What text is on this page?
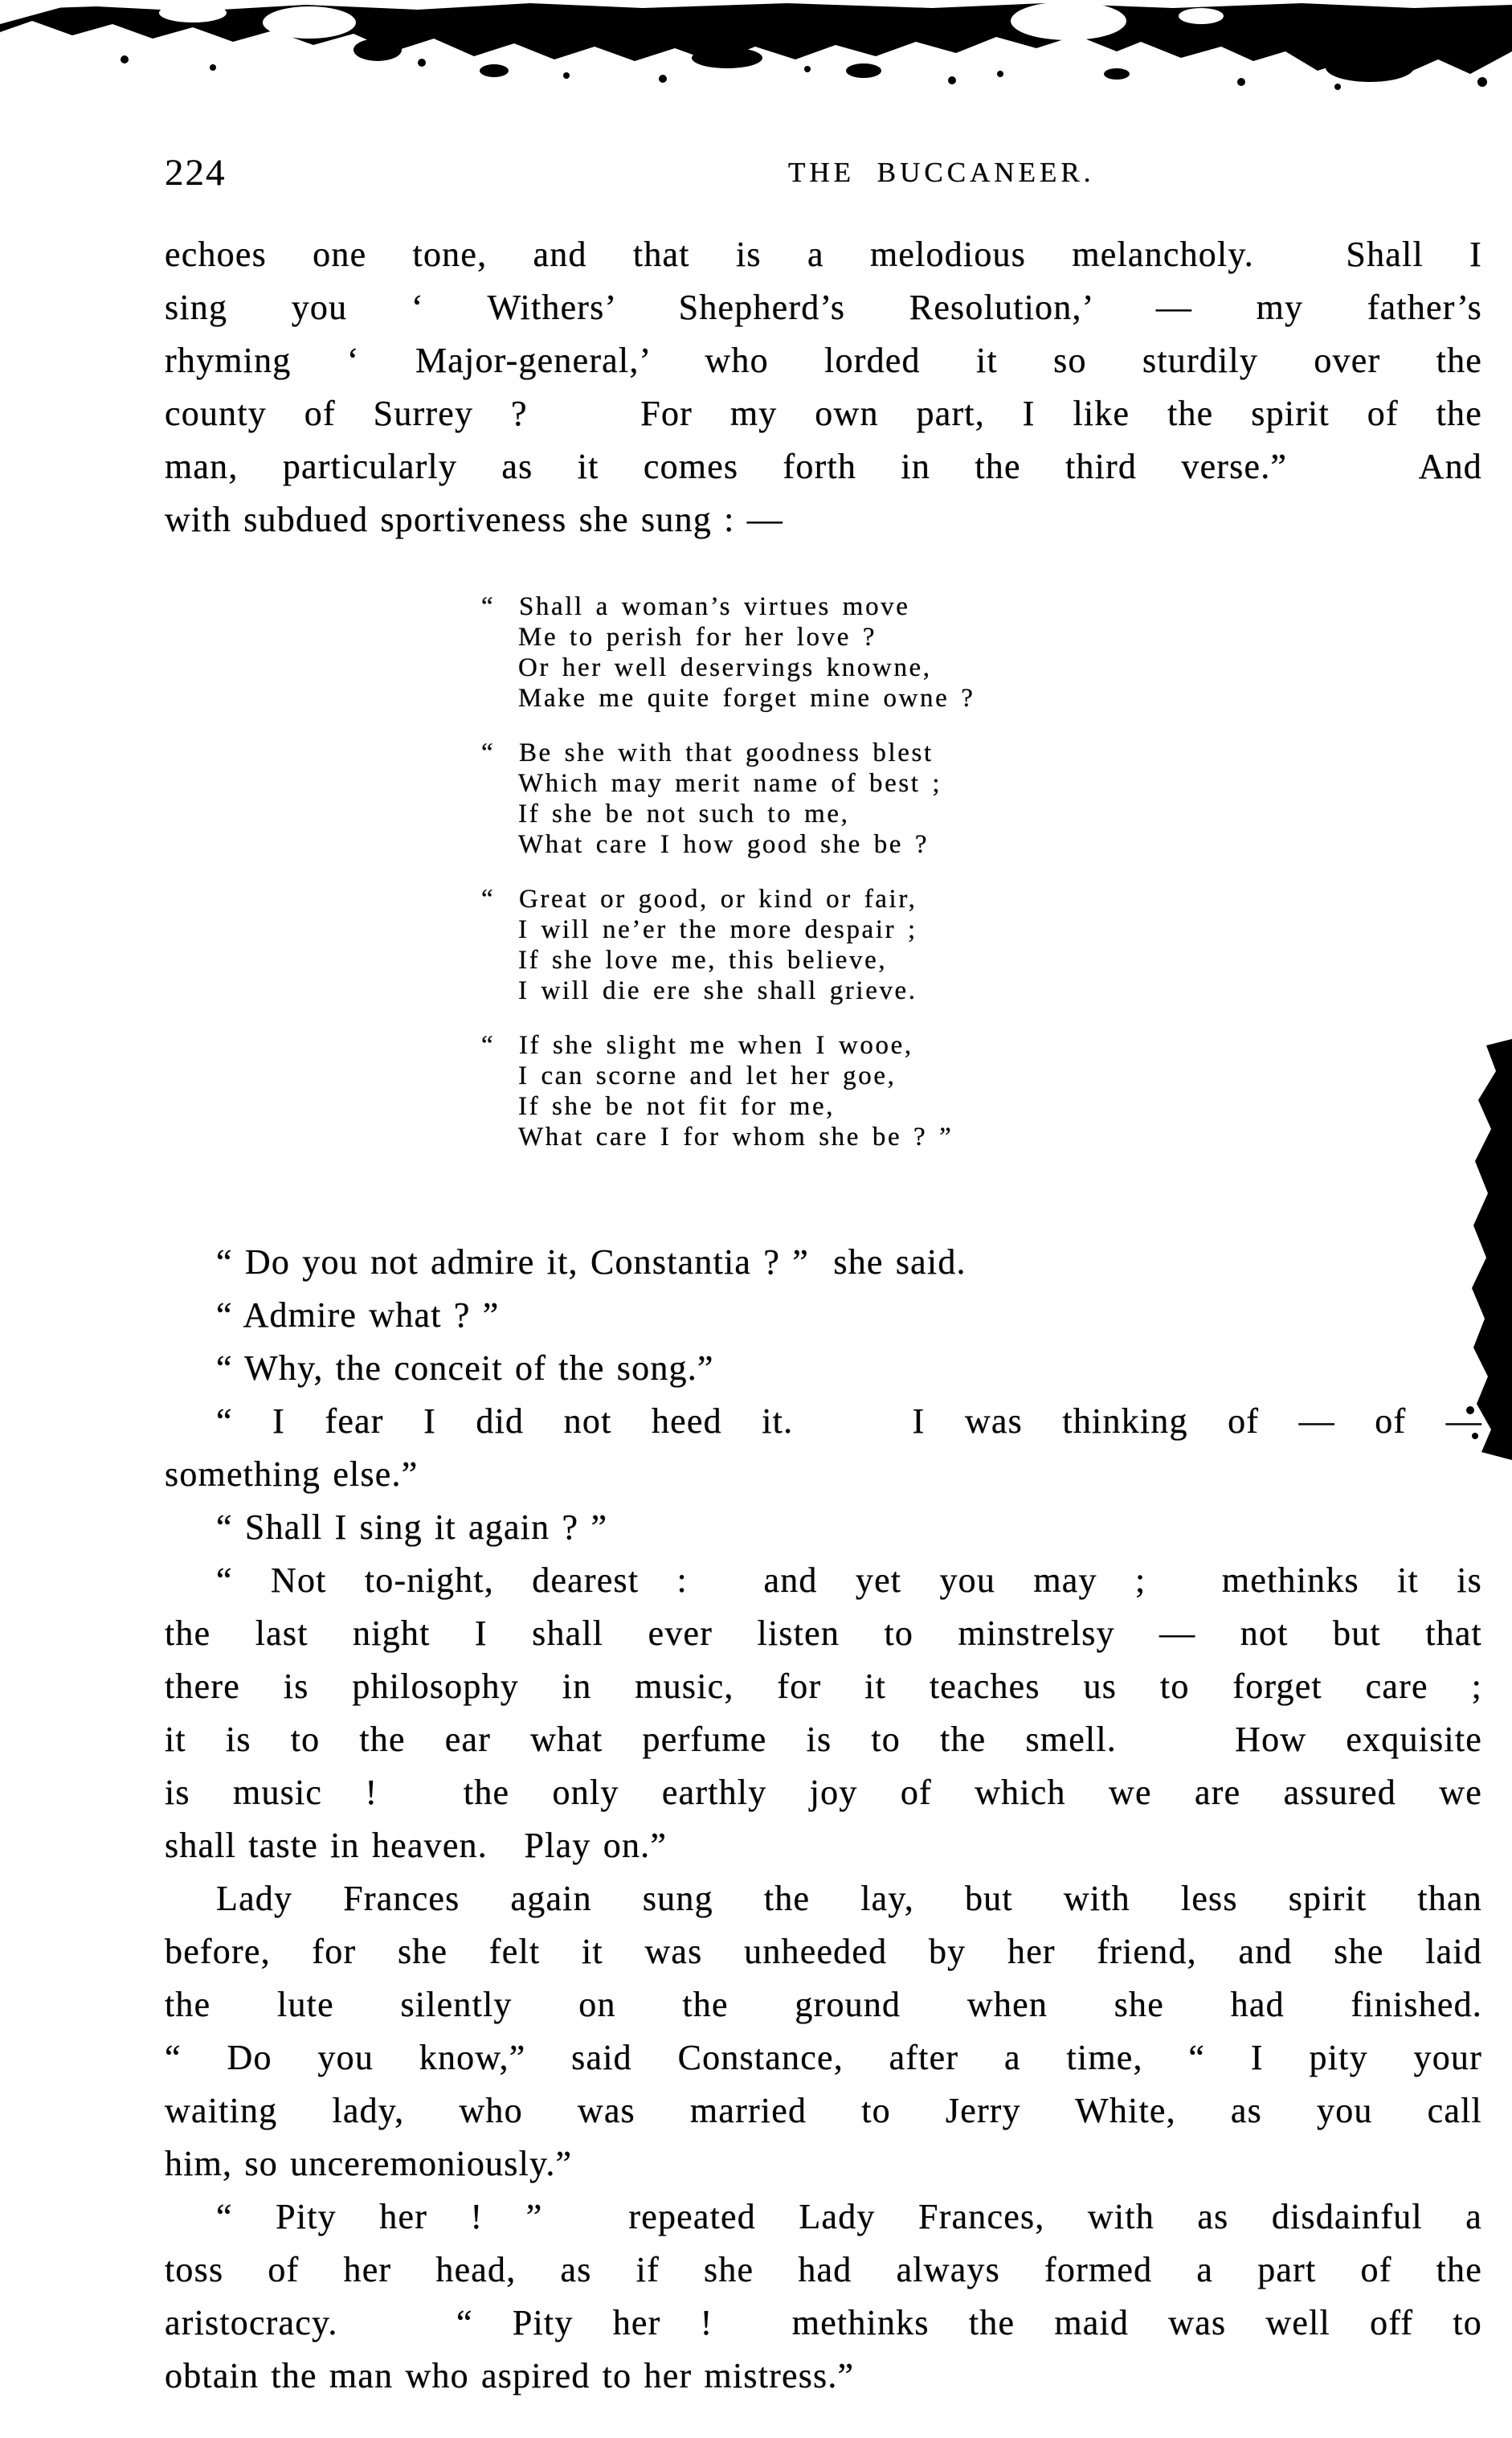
224	THE BUCCANEER.

echoes one tone, and that is a melodious melancholy.  Shall I
sing you ‘ Withers’ Shepherd’s Resolution,’ — my father’s
rhyming ‘ Major-general,’ who lorded it so sturdily over the
county of Surrey ?   For my own part, I like the spirit of the
man, particularly as it comes forth in the third verse.”   And
with subdued sportiveness she sung : —

“  Shall a woman’s virtues move
Me to perish for her love ?
Or her well deservings knowne,
Make me quite forget mine owne ?

“  Be she with that goodness blest
Which may merit name of best ;
If she be not such to me,
What care I how good she be ?

“  Great or good, or kind or fair,
I will ne’er the more despair ;
If she love me, this believe,
I will die ere she shall grieve.

“  If she slight me when I wooe,
I can scorne and let her goe,
If she be not fit for me,
What care I for whom she be ? ”

“ Do you not admire it, Constantia ? ”  she said.

“ Admire what ? ”

“ Why, the conceit of the song.”

“ I fear I did not heed it.   I was thinking of — of —
something else.”

“ Shall I sing it again ? ”

“ Not to-night, dearest :  and yet you may ;  methinks it is
the last night I shall ever listen to minstrelsy — not but that
there is philosophy in music, for it teaches us to forget care ;
it is to the ear what perfume is to the smell.   How exquisite
is music !  the only earthly joy of which we are assured we
shall taste in heaven.   Play on.”

Lady Frances again sung the lay, but with less spirit than
before, for she felt it was unheeded by her friend, and she laid
the lute silently on the ground when she had finished.
“ Do you know,” said Constance, after a time, “ I pity your
waiting lady, who was married to Jerry White, as you call
him, so unceremoniously.”

“ Pity her ! ”  repeated Lady Frances, with as disdainful a
toss of her head, as if she had always formed a part of the
aristocracy.   “ Pity her !  methinks the maid was well off to
obtain the man who aspired to her mistress.”
